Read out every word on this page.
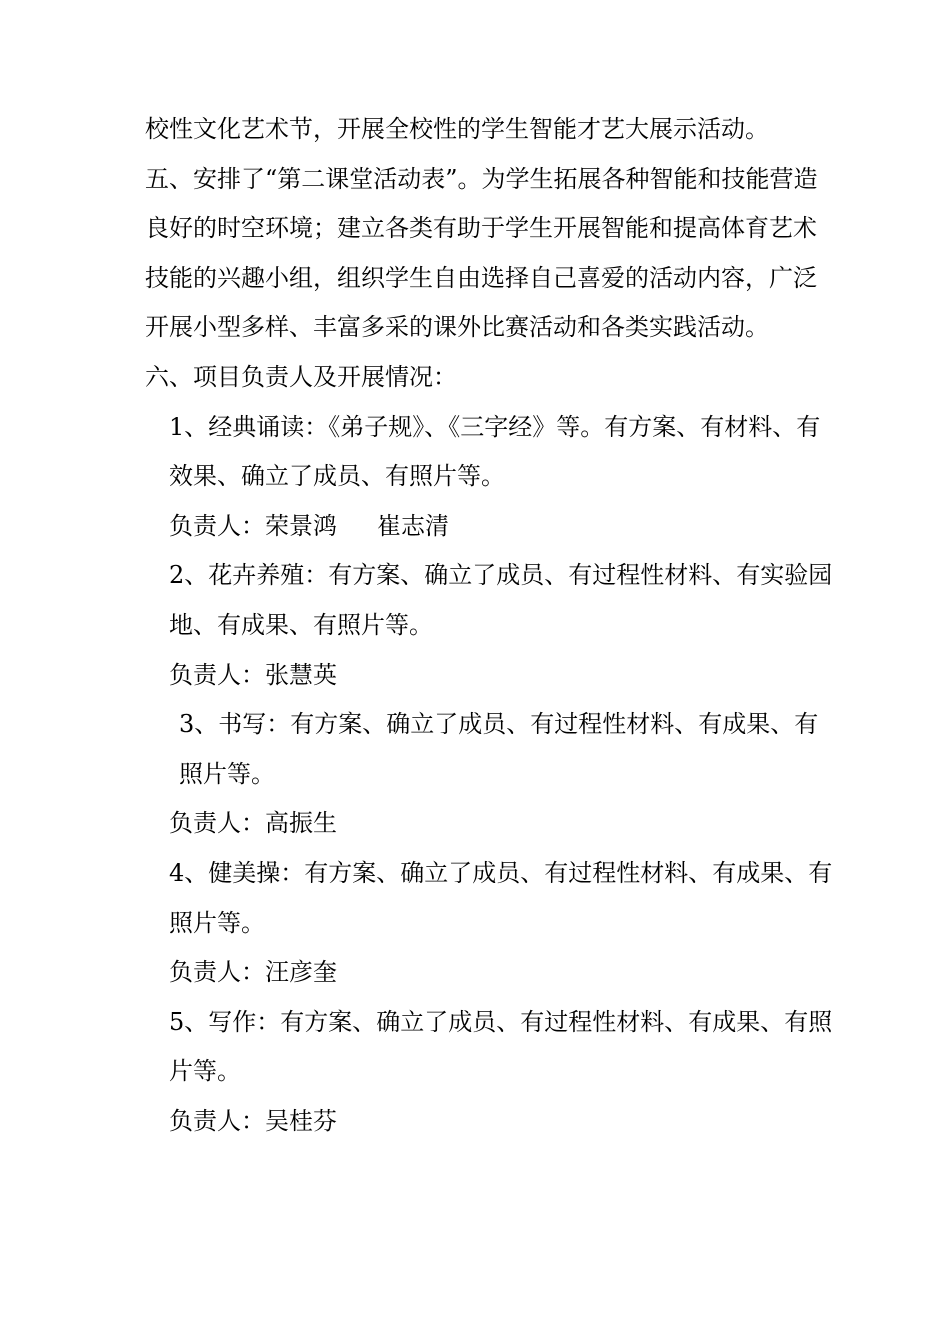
校性文化艺术节，开展全校性的学生智能才艺大展示活动。

五、安排了“第二课堂活动表”。为学生拓展各种智能和技能营造良好的时空环境；建立各类有助于学生开展智能和提高体育艺术技能的兴趣小组，组织学生自由选择自己喜爱的活动内容，广泛开展小型多样、丰富多采的课外比赛活动和各类实践活动。

六、项目负责人及开展情况：

1、经典诵读：《弟子规》、《三字经》等。有方案、有材料、有效果、确立了成员、有照片等。

负责人：荣景鸿 崔志清

2、花卉养殖：有方案、确立了成员、有过程性材料、有实验园地、有成果、有照片等。

负责人：张慧英

3、书写：有方案、确立了成员、有过程性材料、有成果、有照片等。

负责人：高振生

4、健美操：有方案、确立了成员、有过程性材料、有成果、有照片等。

负责人：汪彦奎

5、写作：有方案、确立了成员、有过程性材料、有成果、有照片等。

负责人：吴桂芬
